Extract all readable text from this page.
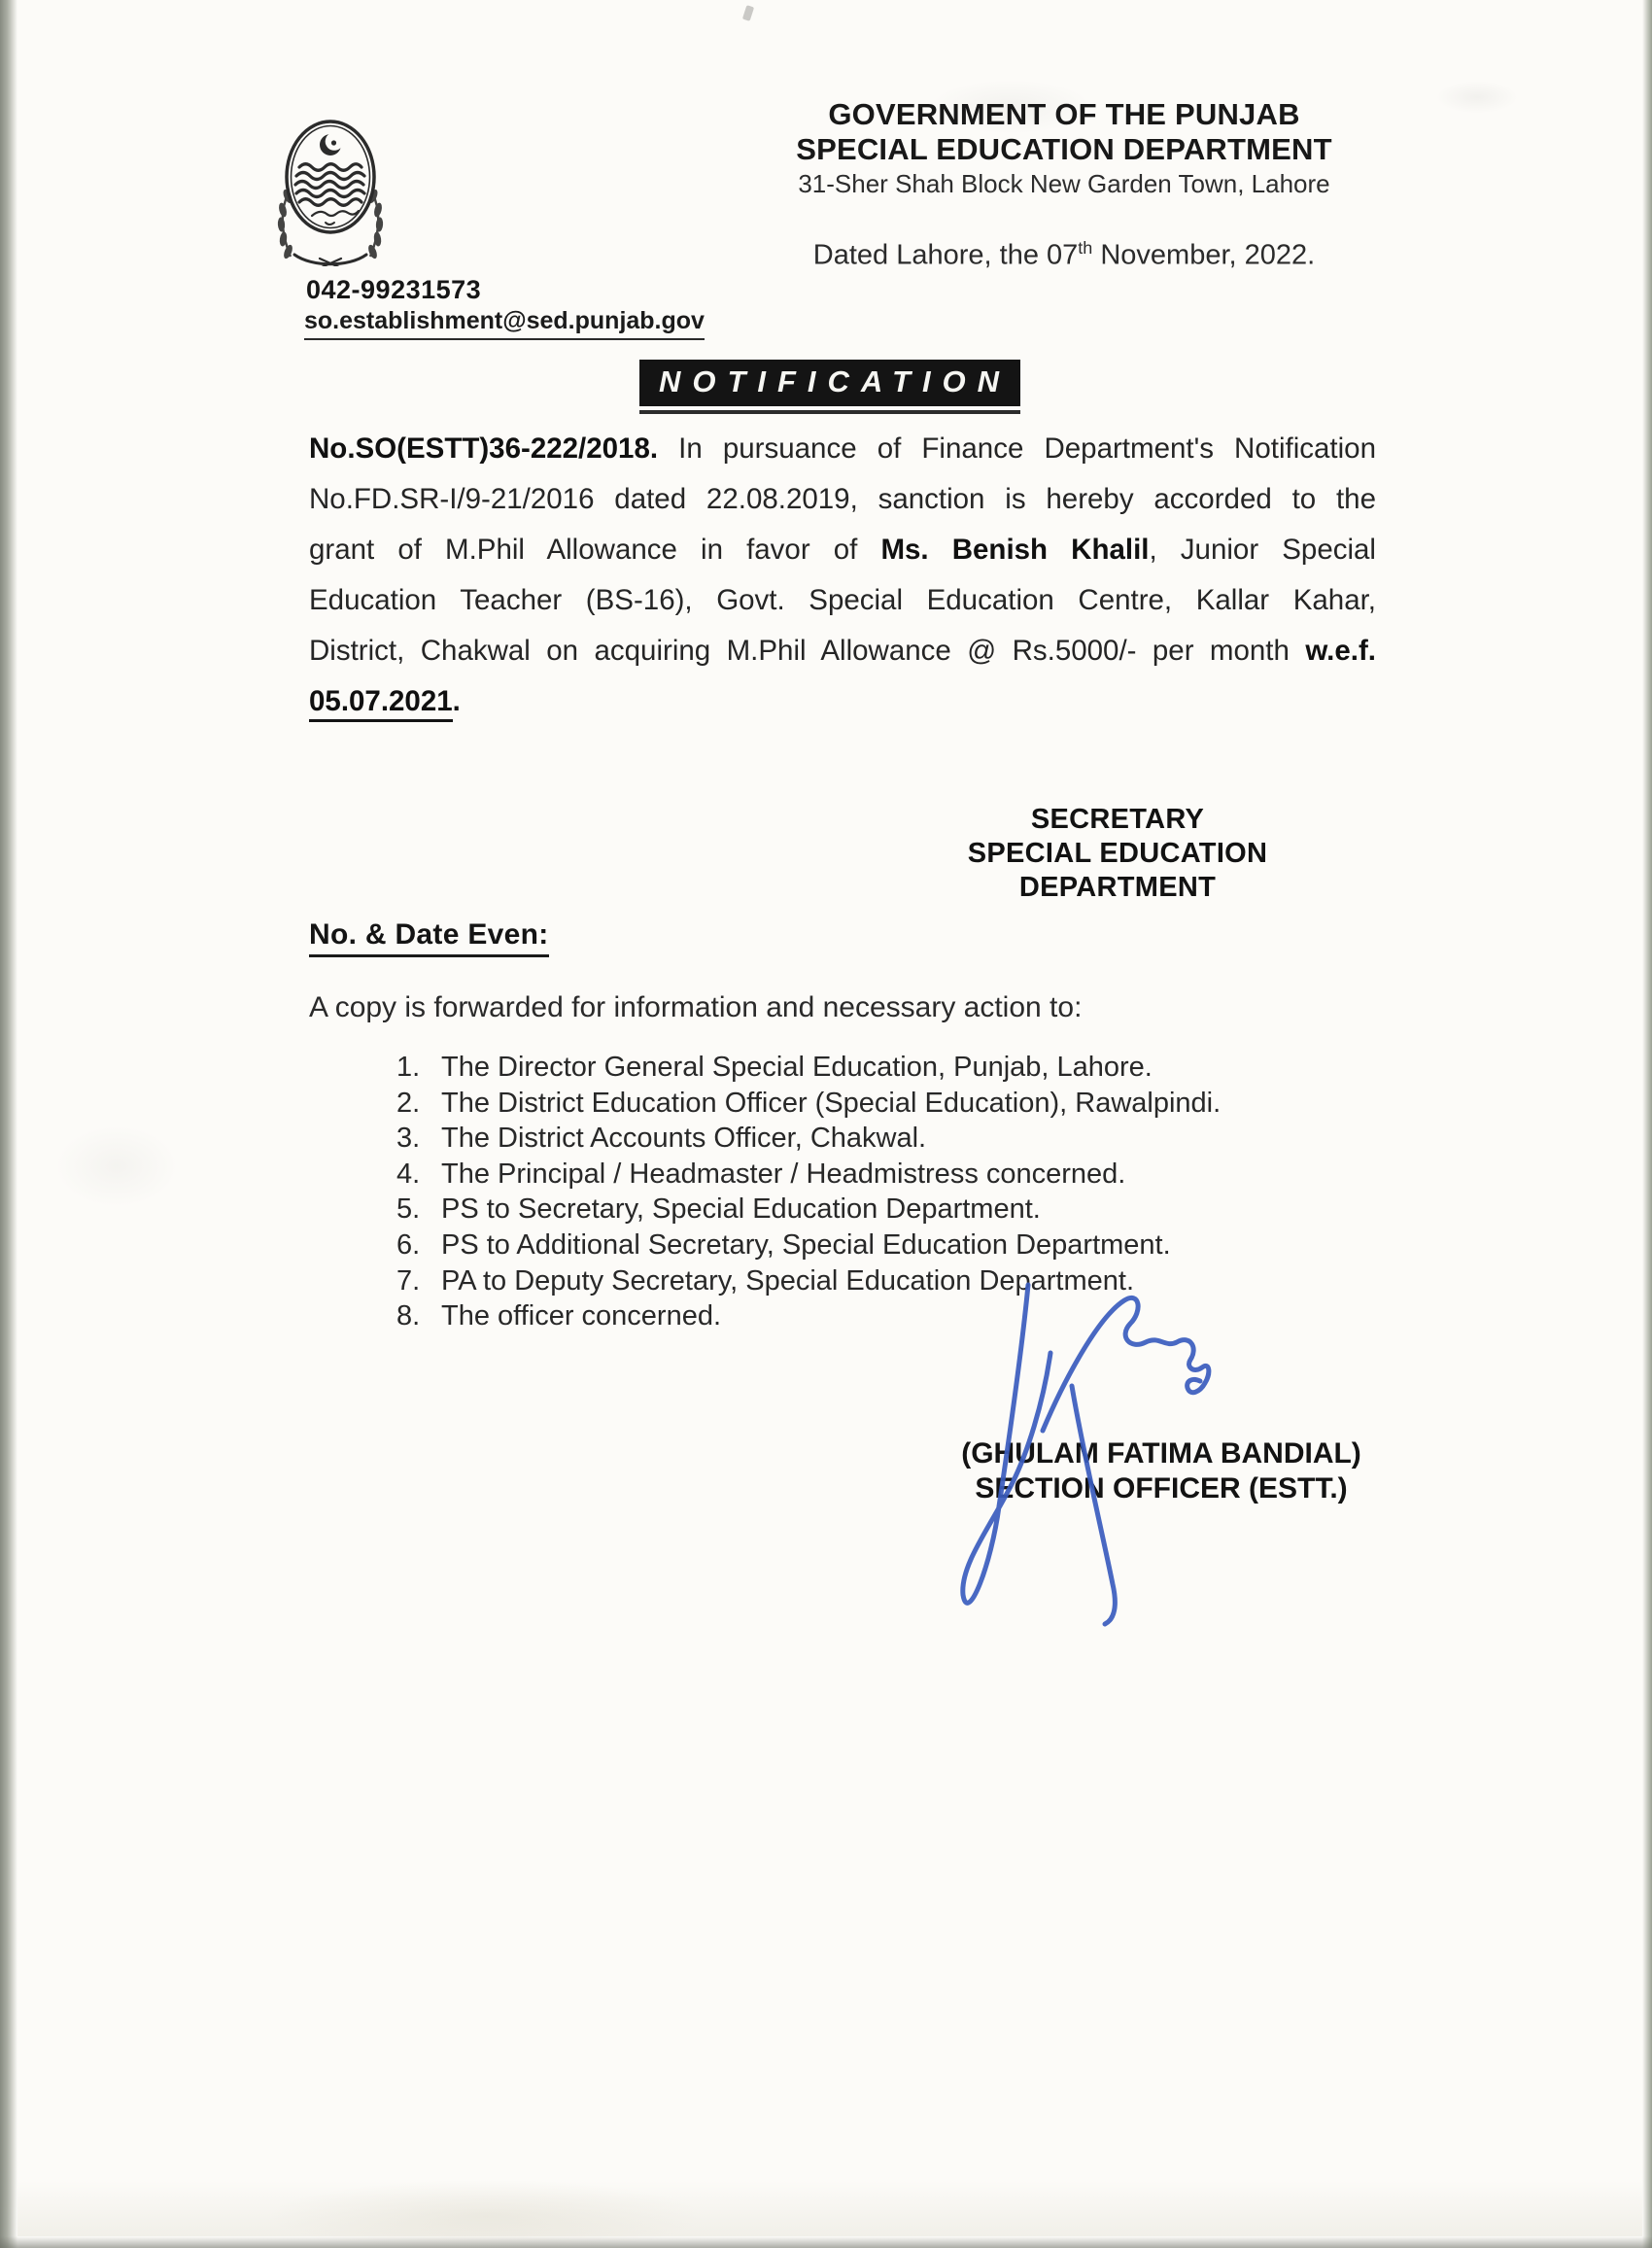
GOVERNMENT OF THE PUNJAB
SPECIAL EDUCATION DEPARTMENT
31-Sher Shah Block New Garden Town, Lahore
Dated Lahore, the 07th November, 2022.
042-99231573
so.establishment@sed.punjab.gov
NOTIFICATION
No.SO(ESTT)36-222/2018. In pursuance of Finance Department's Notification
No.FD.SR-I/9-21/2016 dated 22.08.2019, sanction is hereby accorded to the
grant of M.Phil Allowance in favor of Ms. Benish Khalil, Junior Special
Education Teacher (BS-16), Govt. Special Education Centre, Kallar Kahar,
District, Chakwal on acquiring M.Phil Allowance @ Rs.5000/- per month w.e.f.
05.07.2021.
SECRETARY
SPECIAL EDUCATION
DEPARTMENT
No. & Date Even:
A copy is forwarded for information and necessary action to:
1. The Director General Special Education, Punjab, Lahore.
2. The District Education Officer (Special Education), Rawalpindi.
3. The District Accounts Officer, Chakwal.
4. The Principal / Headmaster / Headmistress concerned.
5. PS to Secretary, Special Education Department.
6. PS to Additional Secretary, Special Education Department.
7. PA to Deputy Secretary, Special Education Department.
8. The officer concerned.
(GHULAM FATIMA BANDIAL)
SECTION OFFICER (ESTT.)
